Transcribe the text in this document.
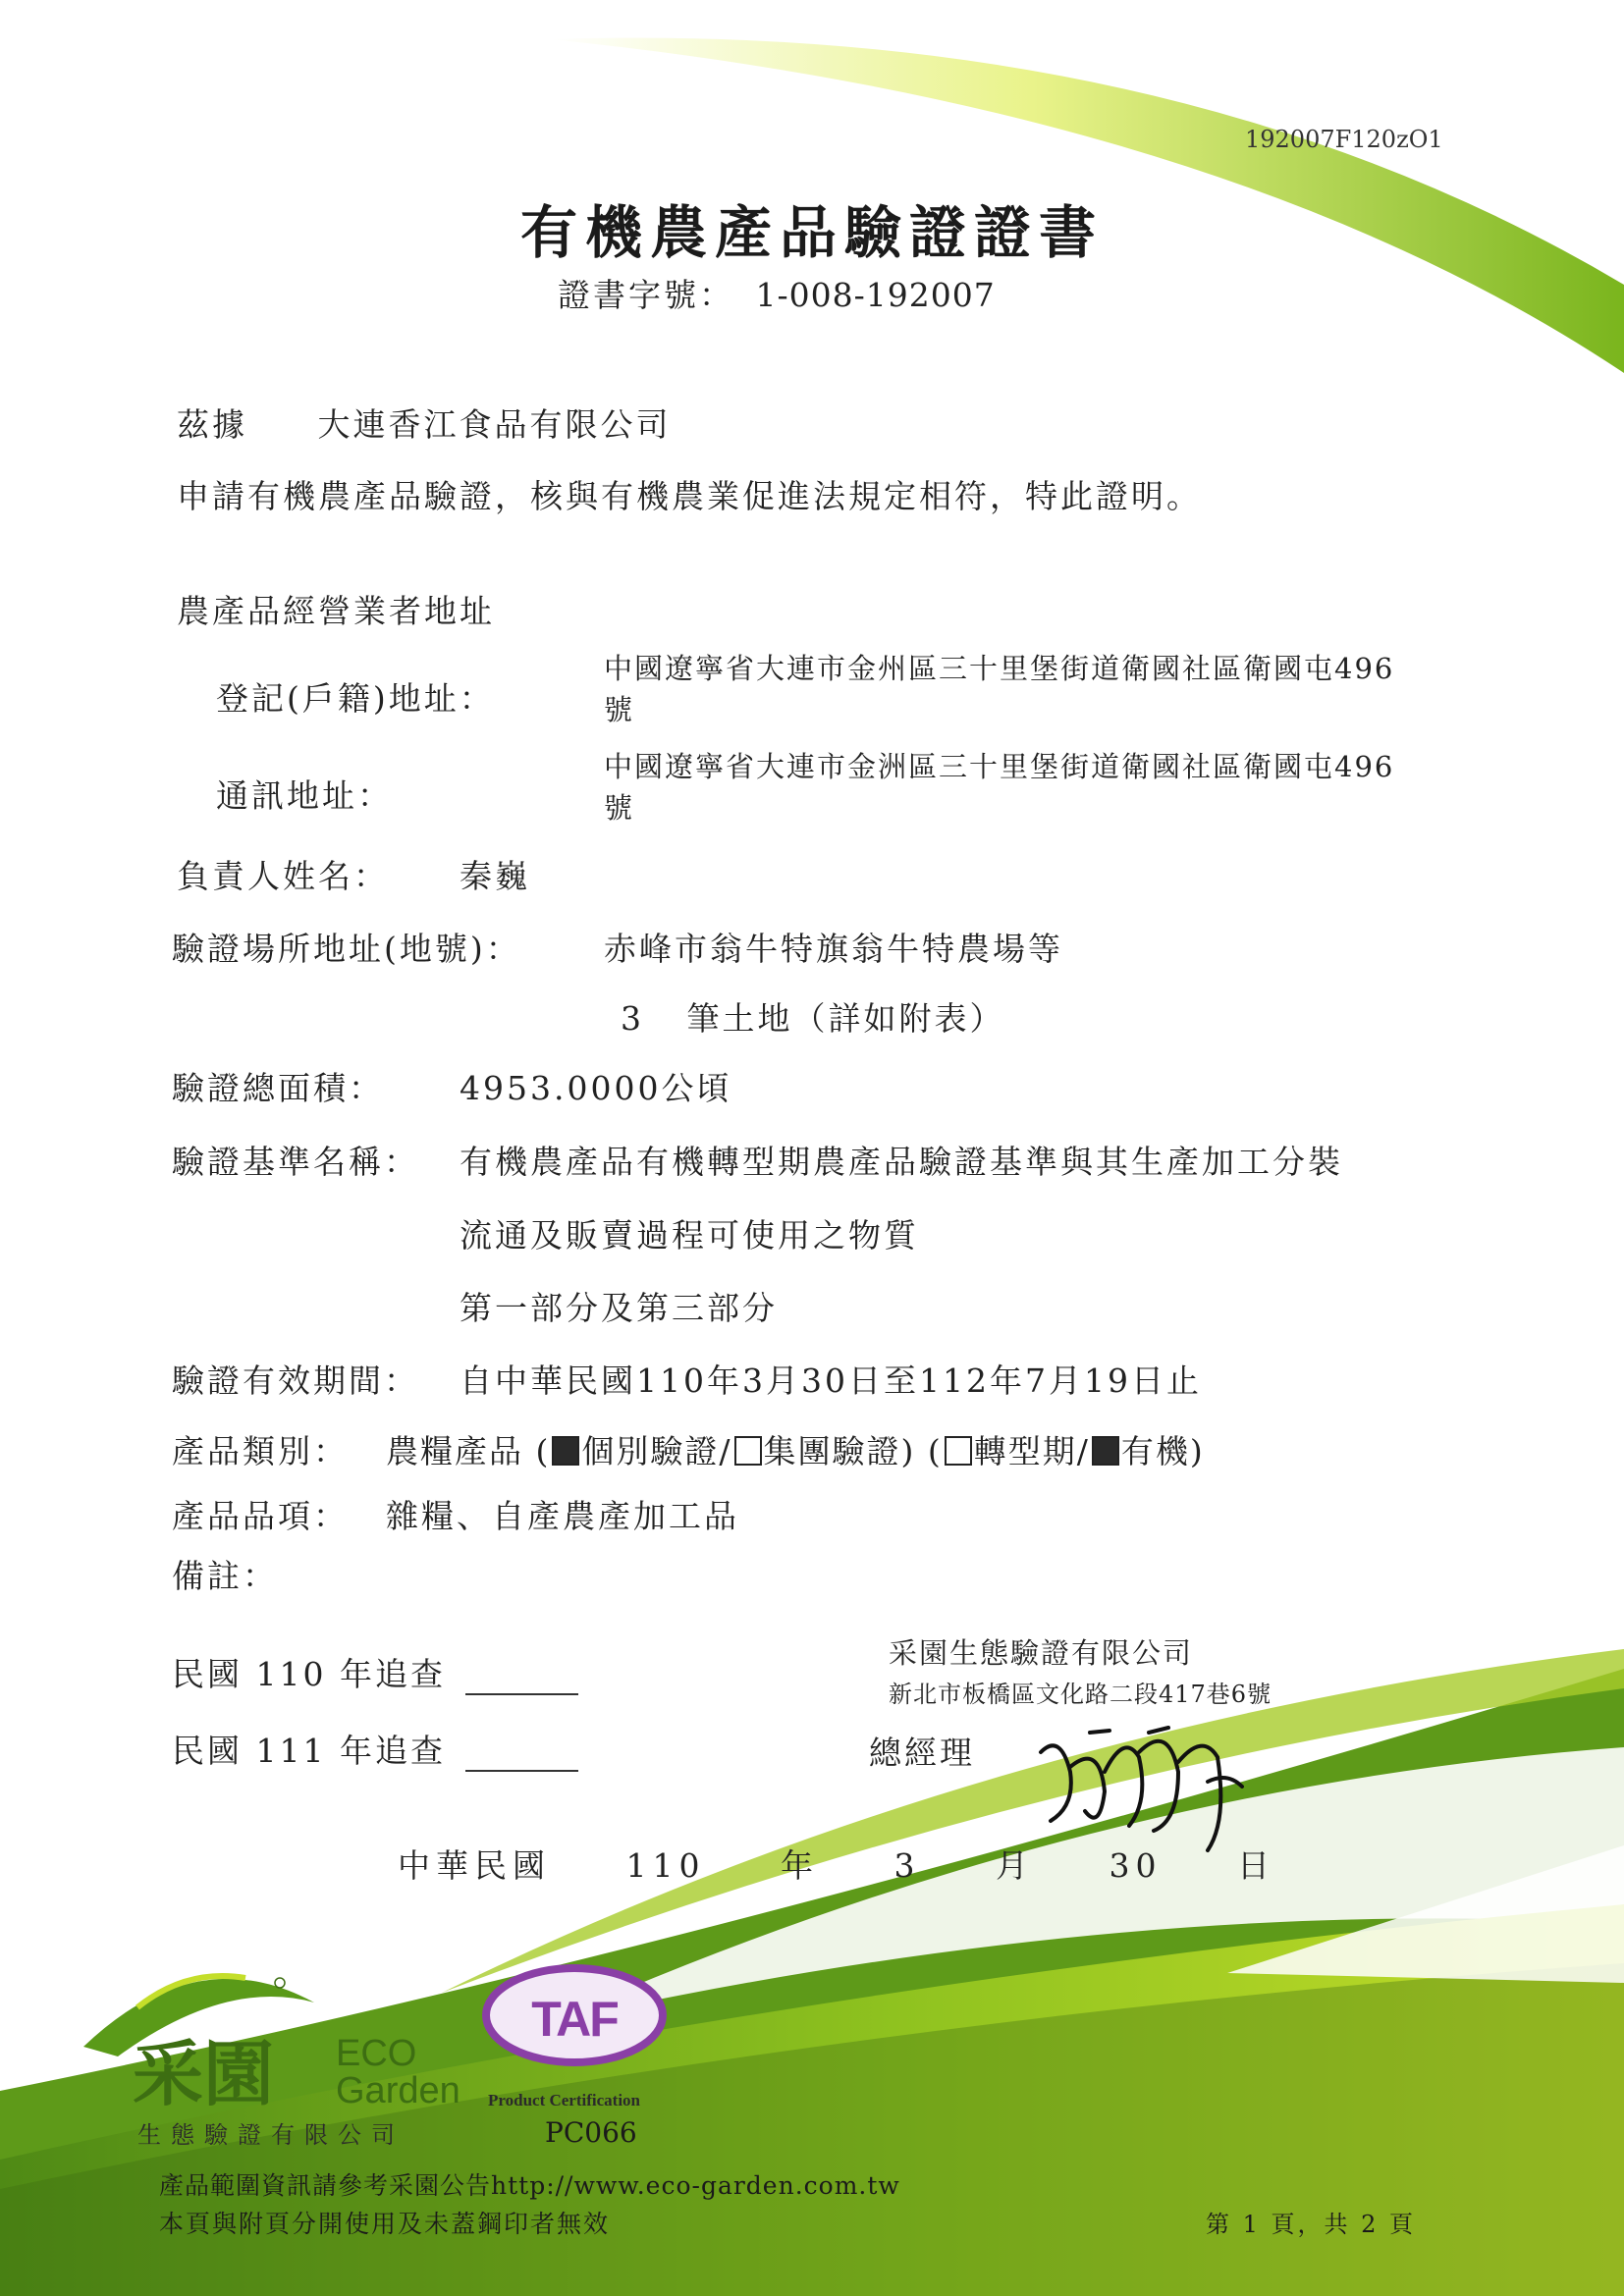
192007F120zO1
有機農產品驗證證書
證書字號： 1-008-192007
茲據 大連香江食品有限公司
申請有機農產品驗證，核與有機農業促進法規定相符，特此證明。
農產品經營業者地址
登記(戶籍)地址：
中國遼寧省大連市金州區三十里堡街道衛國社區衛國屯496
號
通訊地址：
中國遼寧省大連市金洲區三十里堡街道衛國社區衛國屯496
號
負責人姓名： 秦巍
驗證場所地址(地號)：	赤峰市翁牛特旗翁牛特農場等
3 筆土地（詳如附表）
驗證總面積： 4953.0000公頃
驗證基準名稱： 有機農產品有機轉型期農產品驗證基準與其生產加工分裝
流通及販賣過程可使用之物質
第一部分及第三部分
驗證有效期間： 自中華民國110年3月30日至112年7月19日止
產品類別： 農糧產品 ( 個別驗證/ 集團驗證) ( 轉型期/ 有機)
產品品項： 雜糧、自產農產加工品
備註：
民國 110 年追查
民國 111 年追查
采園生態驗證有限公司
新北市板橋區文化路二段417巷6號
總經理
中華民國 110 年 3 月 30 日
采園 ECO
Garden
生態驗證有限公司
TAF
Product Certification
PC066
產品範圍資訊請參考采園公告http://www.eco-garden.com.tw
本頁與附頁分開使用及未蓋鋼印者無效	第 1 頁，共 2 頁
